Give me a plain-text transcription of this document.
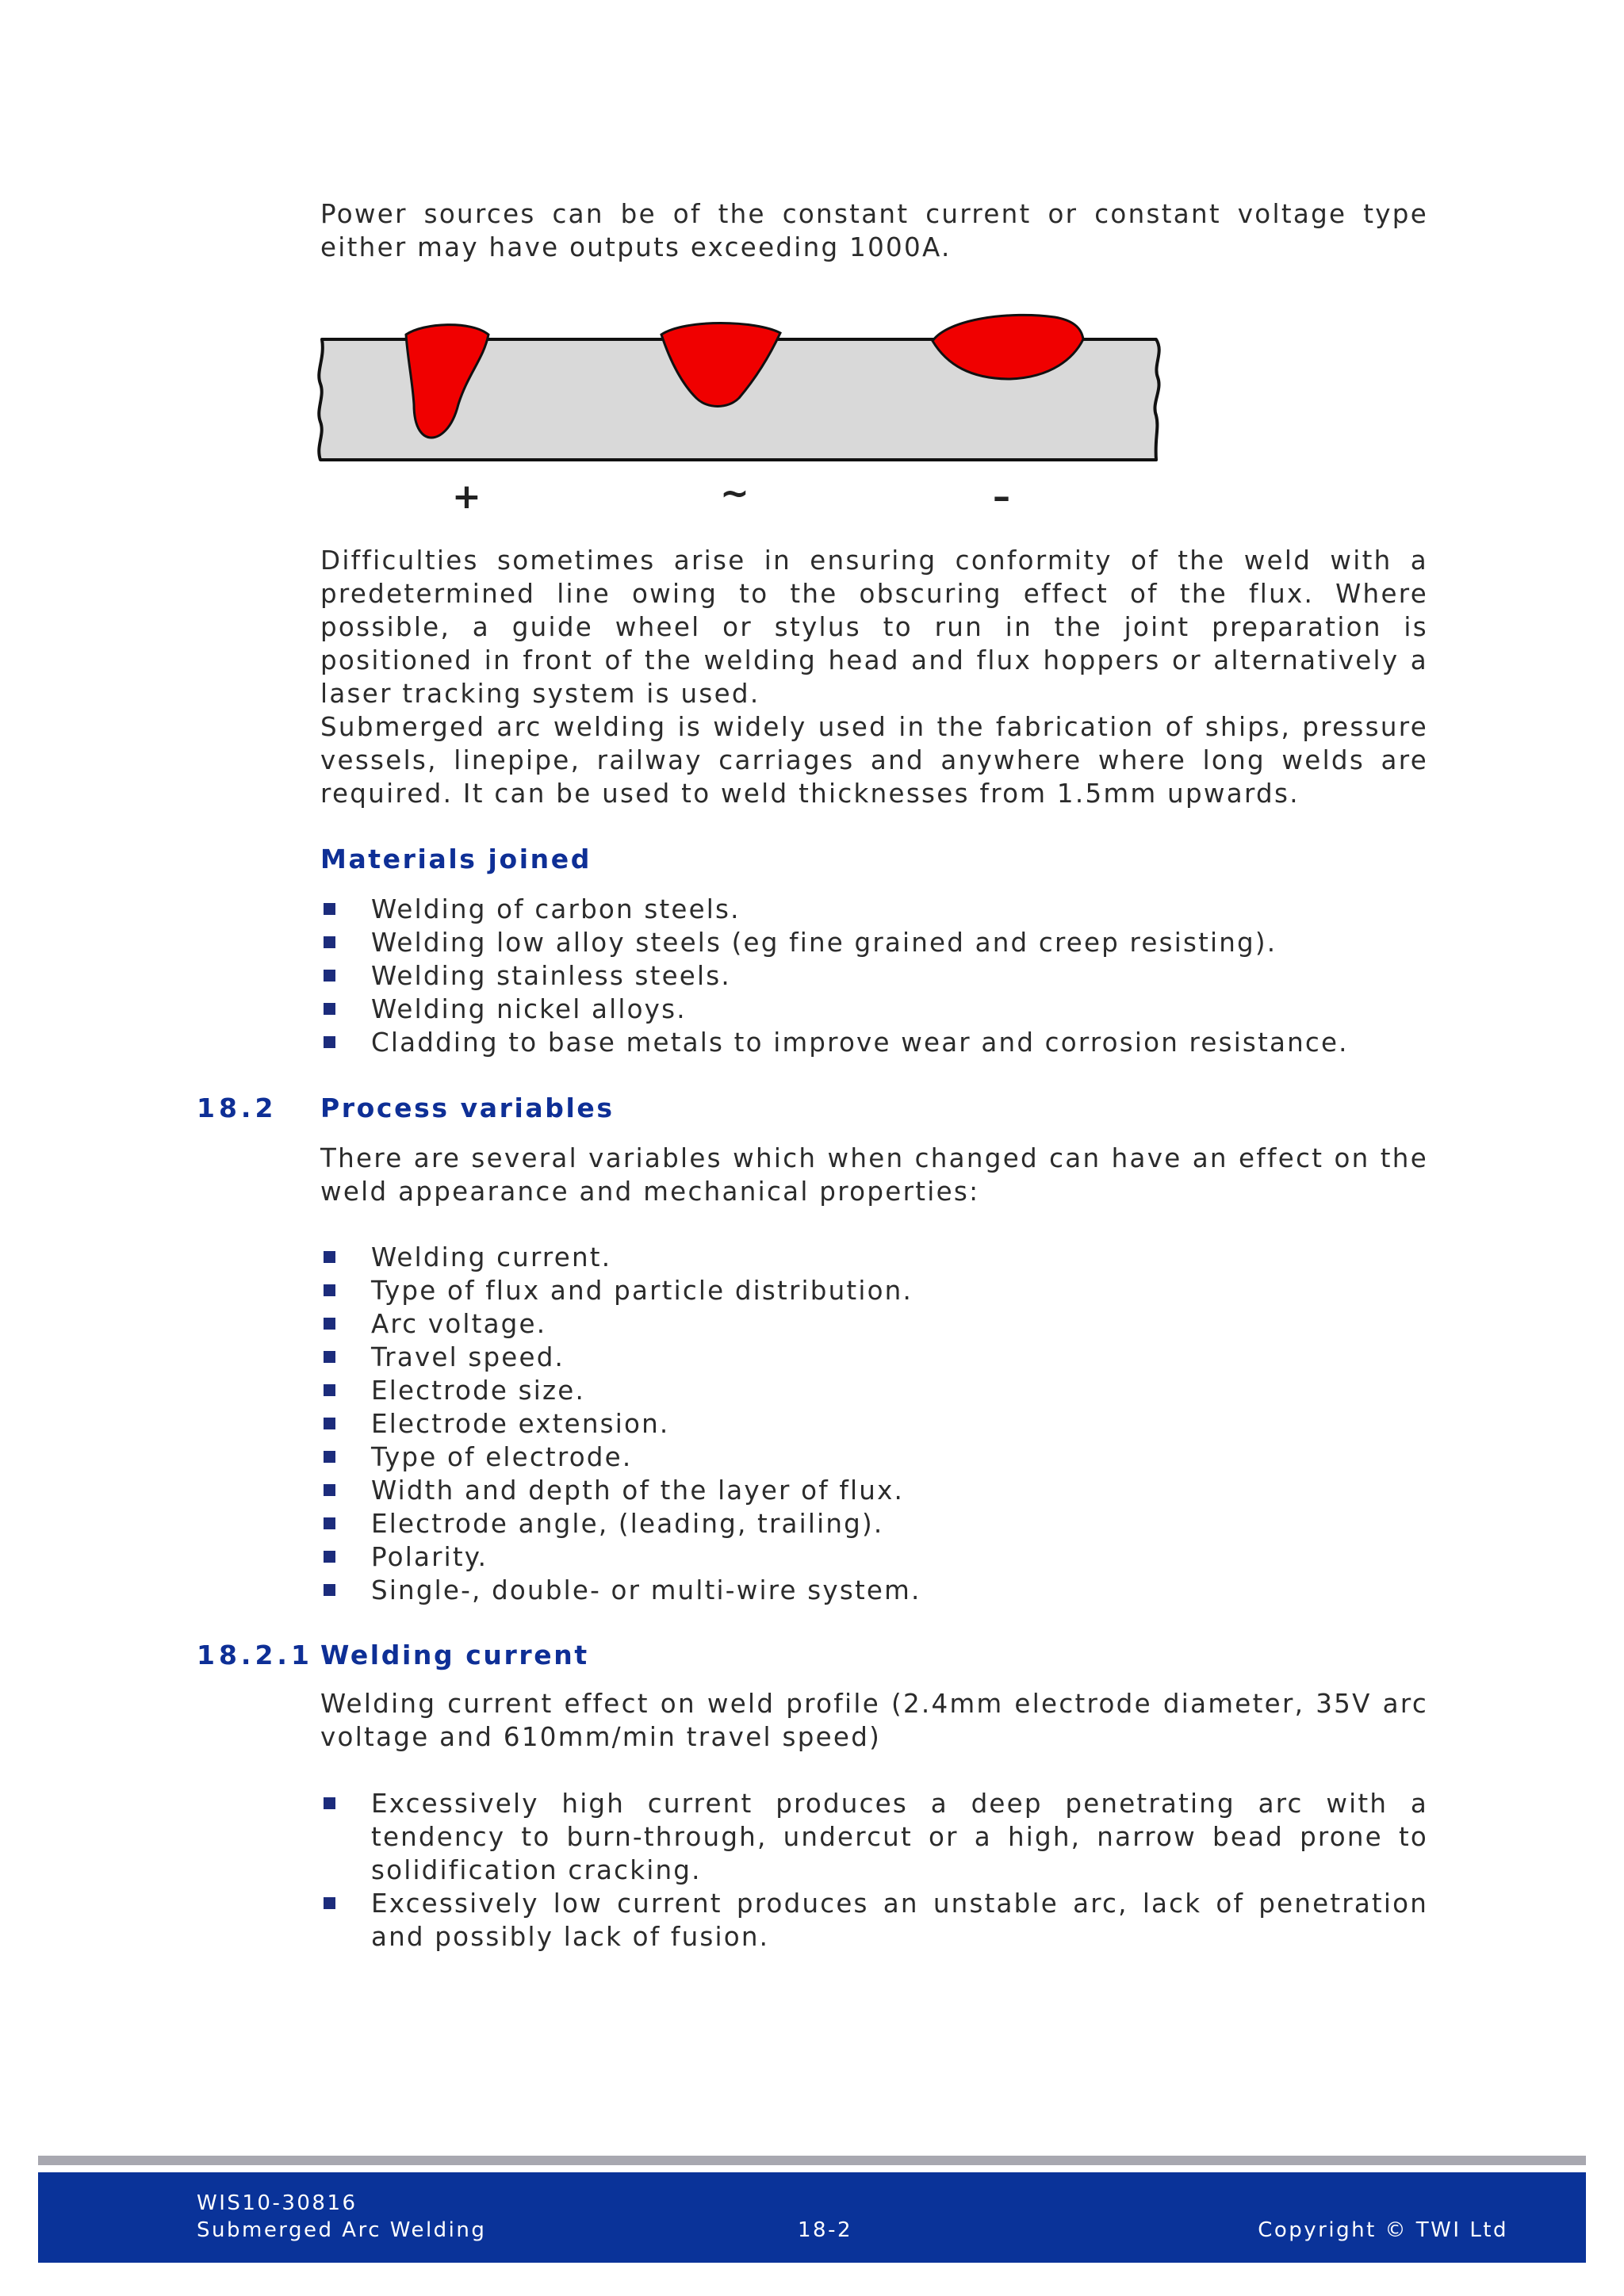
Power sources can be of the constant current or constant voltage type either may have outputs exceeding 1000A.

+	~	–

Difficulties sometimes arise in ensuring conformity of the weld with a predetermined line owing to the obscuring effect of the flux. Where possible, a guide wheel or stylus to run in the joint preparation is positioned in front of the welding head and flux hoppers or alternatively a laser tracking system is used.

Submerged arc welding is widely used in the fabrication of ships, pressure vessels, linepipe, railway carriages and anywhere where long welds are required. It can be used to weld thicknesses from 1.5mm upwards.

Materials joined
Welding of carbon steels.
Welding low alloy steels (eg fine grained and creep resisting).
Welding stainless steels.
Welding nickel alloys.
Cladding to base metals to improve wear and corrosion resistance.
18.2 Process variables

There are several variables which when changed can have an effect on the weld appearance and mechanical properties:

Welding current.
Type of flux and particle distribution.
Arc voltage.
Travel speed.
Electrode size.
Electrode extension.
Type of electrode.
Width and depth of the layer of flux.
Electrode angle, (leading, trailing).
Polarity.
Single-, double- or multi-wire system.
18.2.1 Welding current

Welding current effect on weld profile (2.4mm electrode diameter, 35V arc voltage and 610mm/min travel speed)

Excessively high current produces a deep penetrating arc with a tendency to burn-through, undercut or a high, narrow bead prone to solidification cracking.
Excessively low current produces an unstable arc, lack of penetration and possibly lack of fusion.
WIS10-30816
Submerged Arc Welding	18-2	Copyright © TWI Ltd
